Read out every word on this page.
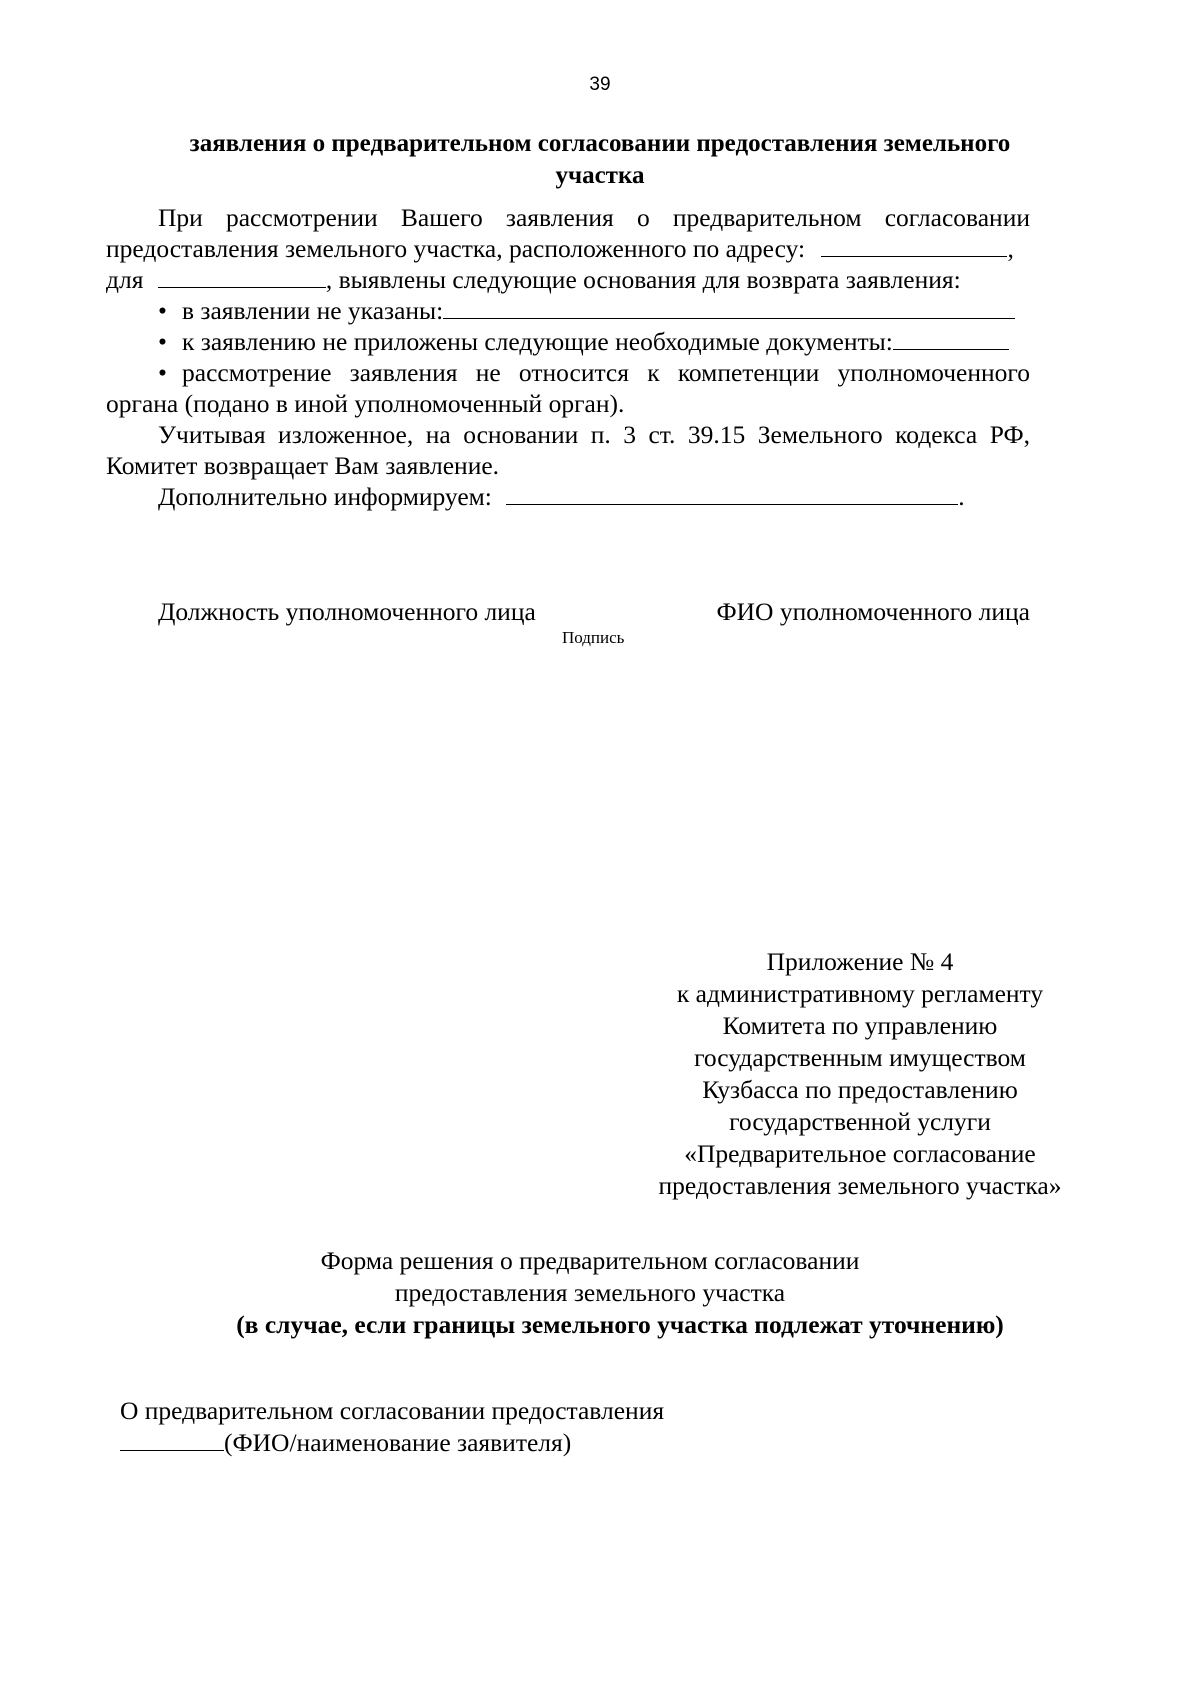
39
заявления о предварительном согласовании предоставления земельного
участка
При рассмотрении Вашего заявления о предварительном согласовании
предоставления земельного участка, расположенного по адресу:	,
для	, выявлены следующие основания для возврата заявления:
• в заявлении не указаны:
• к заявлению не приложены следующие необходимые документы:
• рассмотрение заявления не относится к компетенции уполномоченного
органа (подано в иной уполномоченный орган).
Учитывая изложенное, на основании п. 3 ст. 39.15 Земельного кодекса РФ,
Комитет возвращает Вам заявление.
Дополнительно информируем:	.
Должность уполномоченного лица	ФИО уполномоченного лица
Подпись
Приложение № 4
к административному регламенту
Комитета по управлению
государственным имуществом
Кузбасса по предоставлению
государственной услуги
«Предварительное согласование
предоставления земельного участка»
Форма решения о предварительном согласовании
предоставления земельного участка
(в случае, если границы земельного участка подлежат уточнению)
О предварительном согласовании предоставления
(ФИО/наименование заявителя)
